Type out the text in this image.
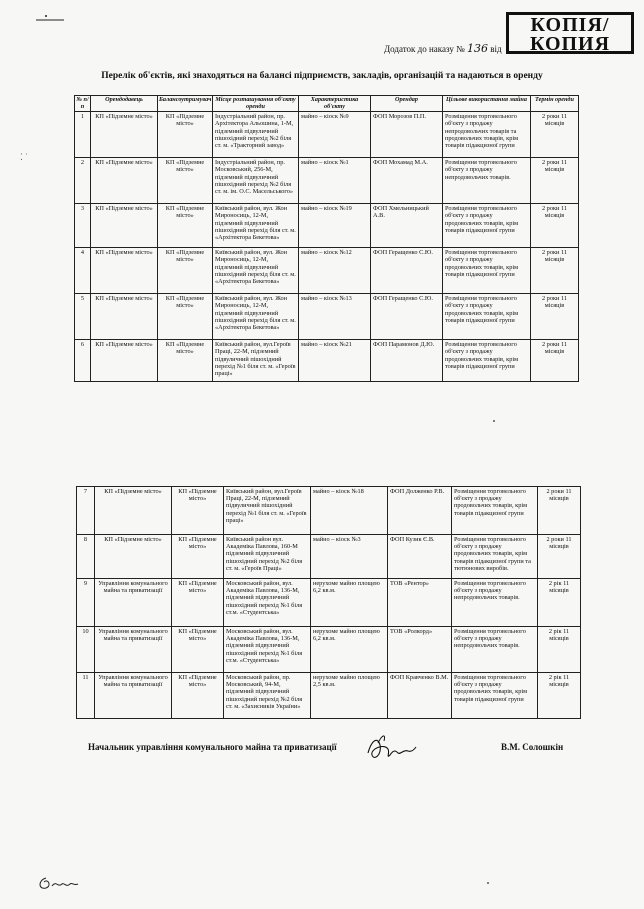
⁚ ˙
КОПІЯ/
КОПИЯ
Додаток до наказу № 136 від
Перелік об'єктів, які знаходяться на балансі підприємств, закладів, організацій та надаються в оренду
№ п/п	Орендодавець	Балансоутримувач	Місце розташування об'єкту оренди	Характеристика об'єкту	Орендар	Цільове використання майна	Термін оренди
1	КП «Підземне місто»	КП «Підземне місто»	Індустріальний район, пр. Архітектора Альошина, 1-М, підземний підвуличний пішохідний перехід №2 біля ст. м. «Тракторний завод»	майно – кіоск №9	ФОП Морозов П.П.	Розміщення торговельного об'єкту з продажу непродовольчих товарів та продовольчих товарів, крім товарів підакцизної групи	2 роки 11 місяців
2	КП «Підземне місто»	КП «Підземне місто»	Індустріальний район, пр. Московський, 256-М, підземний підвуличний пішохідний перехід №2 біля ст. м. ім. О.С. Масельського»	майно – кіоск №1	ФОП Мохамад М.А.	Розміщення торговельного об'єкту з продажу непродовольчих товарів.	2 роки 11 місяців
3	КП «Підземне місто»	КП «Підземне місто»	Київський район, вул. Жон Мироносиць, 12-М, підземний підвуличний пішохідний перехід біля ст. м. «Архітектора Бекетова»	майно – кіоск №19	ФОП Хмельницький А.В.	Розміщення торговельного об'єкту з продажу продовольчих товарів, крім товарів підакцизної групи	2 роки 11 місяців
4	КП «Підземне місто»	КП «Підземне місто»	Київський район, вул. Жон Мироносиць, 12-М, підземний підвуличний пішохідний перехід біля ст. м. «Архітектора Бекетова»	майно – кіоск №12	ФОП Геращенко С.Ю.	Розміщення торговельного об'єкту з продажу продовольчих товарів, крім товарів підакцизної групи	2 роки 11 місяців
5	КП «Підземне місто»	КП «Підземне місто»	Київський район, вул. Жон Мироносиць, 12-М, підземний підвуличний пішохідний перехід біля ст. м. «Архітектора Бекетова»	майно – кіоск №13	ФОП Геращенко С.Ю.	Розміщення торговельного об'єкту з продажу продовольчих товарів, крім товарів підакцизної групи	2 роки 11 місяців
6	КП «Підземне місто»	КП «Підземне місто»	Київський район, вул.Героїв Праці, 22-М, підземний підвуличний пішохідний перехід №1 біля ст. м. «Героїв праці»	майно – кіоск №21	ФОП Парамонов Д.Ю.	Розміщення торговельного об'єкту з продажу продовольчих товарів, крім товарів підакцизної групи	2 роки 11 місяців
7	КП «Підземне місто»	КП «Підземне місто»	Київський район, вул.Героїв Праці, 22-М, підземний підвуличний пішохідний перехід №1 біля ст. м. «Героїв праці»	майно – кіоск №18	ФОП Долженко Р.В.	Розміщення торговельного об'єкту з продажу продовольчих товарів, крім товарів підакцизної групи	2 роки 11 місяців
8	КП «Підземне місто»	КП «Підземне місто»	Київський район вул. Академіка Павлова, 160-М підземний підвуличний пішохідний перехід №2 біля ст. м. «Героїв Праці»	майно – кіоск №3	ФОП Кузик Є.В.	Розміщення торговельного об'єкту з продажу продовольчих товарів, крім товарів підакцизної групи та тютюнових виробів.	2 роки 11 місяців
9	Управління комунального майна та приватизації	КП «Підземне місто»	Московський район, вул. Академіка Павлова, 136-М, підземний підвуличний пішохідний перехід №1 біля ст.м. «Студентська»	нерухоме майно площею 6,2 кв.м.	ТОВ «Рентор»	Розміщення торговельного об'єкту з продажу непродовольчих товарів.	2 рік 11 місяців
10	Управління комунального майна та приватизації	КП «Підземне місто»	Московський район, вул. Академіка Павлова, 136-М, підземний підвуличний пішохідний перехід №1 біля ст.м. «Студентська»	нерухоме майно площею 6,2 кв.м.	ТОВ «Ролкорд»	Розміщення торговельного об'єкту з продажу непродовольчих товарів.	2 рік 11 місяців
11	Управління комунального майна та приватизації	КП «Підземне місто»	Московський район, пр. Московський, 94-М, підземний підвуличний пішохідний перехід №2 біля ст. м. «Захисників України»	нерухоме майно площею 2,5 кв.м.	ФОП Кравченко В.М.	Розміщення торговельного об'єкту з продажу продовольчих товарів, крім товарів підакцизної групи	2 рік 11 місяців
Начальник управління комунального майна та приватизації	В.М. Солошкін
